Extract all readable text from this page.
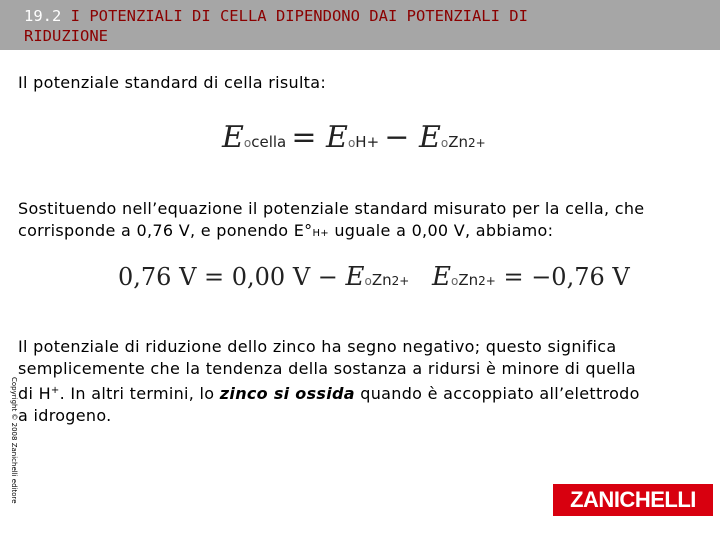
19.2 I POTENZIALI DI CELLA DIPENDONO DAI POTENZIALI DI
RIDUZIONE
Il potenziale standard di cella risulta:
Eocella = EoH+ − EoZn2+
Sostituendo nell’equazione il potenziale standard misurato per la cella, che
corrisponde a 0,76 V, e ponendo E°H+ uguale a 0,00 V, abbiamo:
0,76 V = 0,00 V − EoZn2+ EoZn2+ = −0,76 V
Il potenziale di riduzione dello zinco ha segno negativo; questo significa
semplicemente che la tendenza della sostanza a ridursi è minore di quella
di H+. In altri termini, lo zinco si ossida quando è accoppiato all’elettrodo
a idrogeno.
Copyright © 2008 Zanichelli editore	ZANICHELLI
